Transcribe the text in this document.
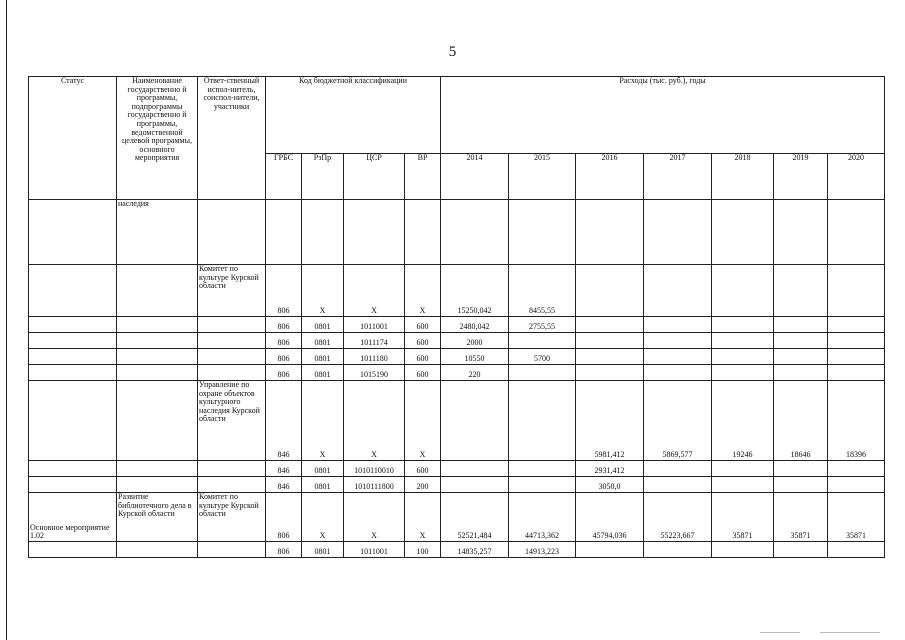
5
Статус	Наименование государственно й программы, подпрограммы государственно й программы, ведомственной целевой программы, основного мероприятия	Ответ-ственный испол-нитель, соиспол-нители, участники	Код бюджетной классификации				Расходы (тыс. руб.), годы						
			ГРБС	РзПр	ЦСР	ВР	2014	2015	2016	2017	2018	2019	2020
	наследия												
		Комитет по культуре Курской области	806	Х	Х	Х	15250,042	8455,55					
			806	0801	1011001	600	2480,042	2755,55					
			806	0801	1011174	600	2000						
			806	0801	1011180	600	10550	5700					
			806	0801	1015190	600	220						
		Управление по охране объектов культурного наследия Курской области	846	Х	Х	Х			5981,412	5869,577	19246	18646	18396
			846	0801	1010110010	600			2931,412				
			846	0801	1010111800	200			3050,0				
Основное мероприятие 1.02	Развитие библиотечного дела в Курской области	Комитет по культуре Курской области	806	Х	Х	Х	52521,484	44713,362	45794,036	55223,667	35871	35871	35871
			806	0801	1011001	100	14835,257	14913,223					
